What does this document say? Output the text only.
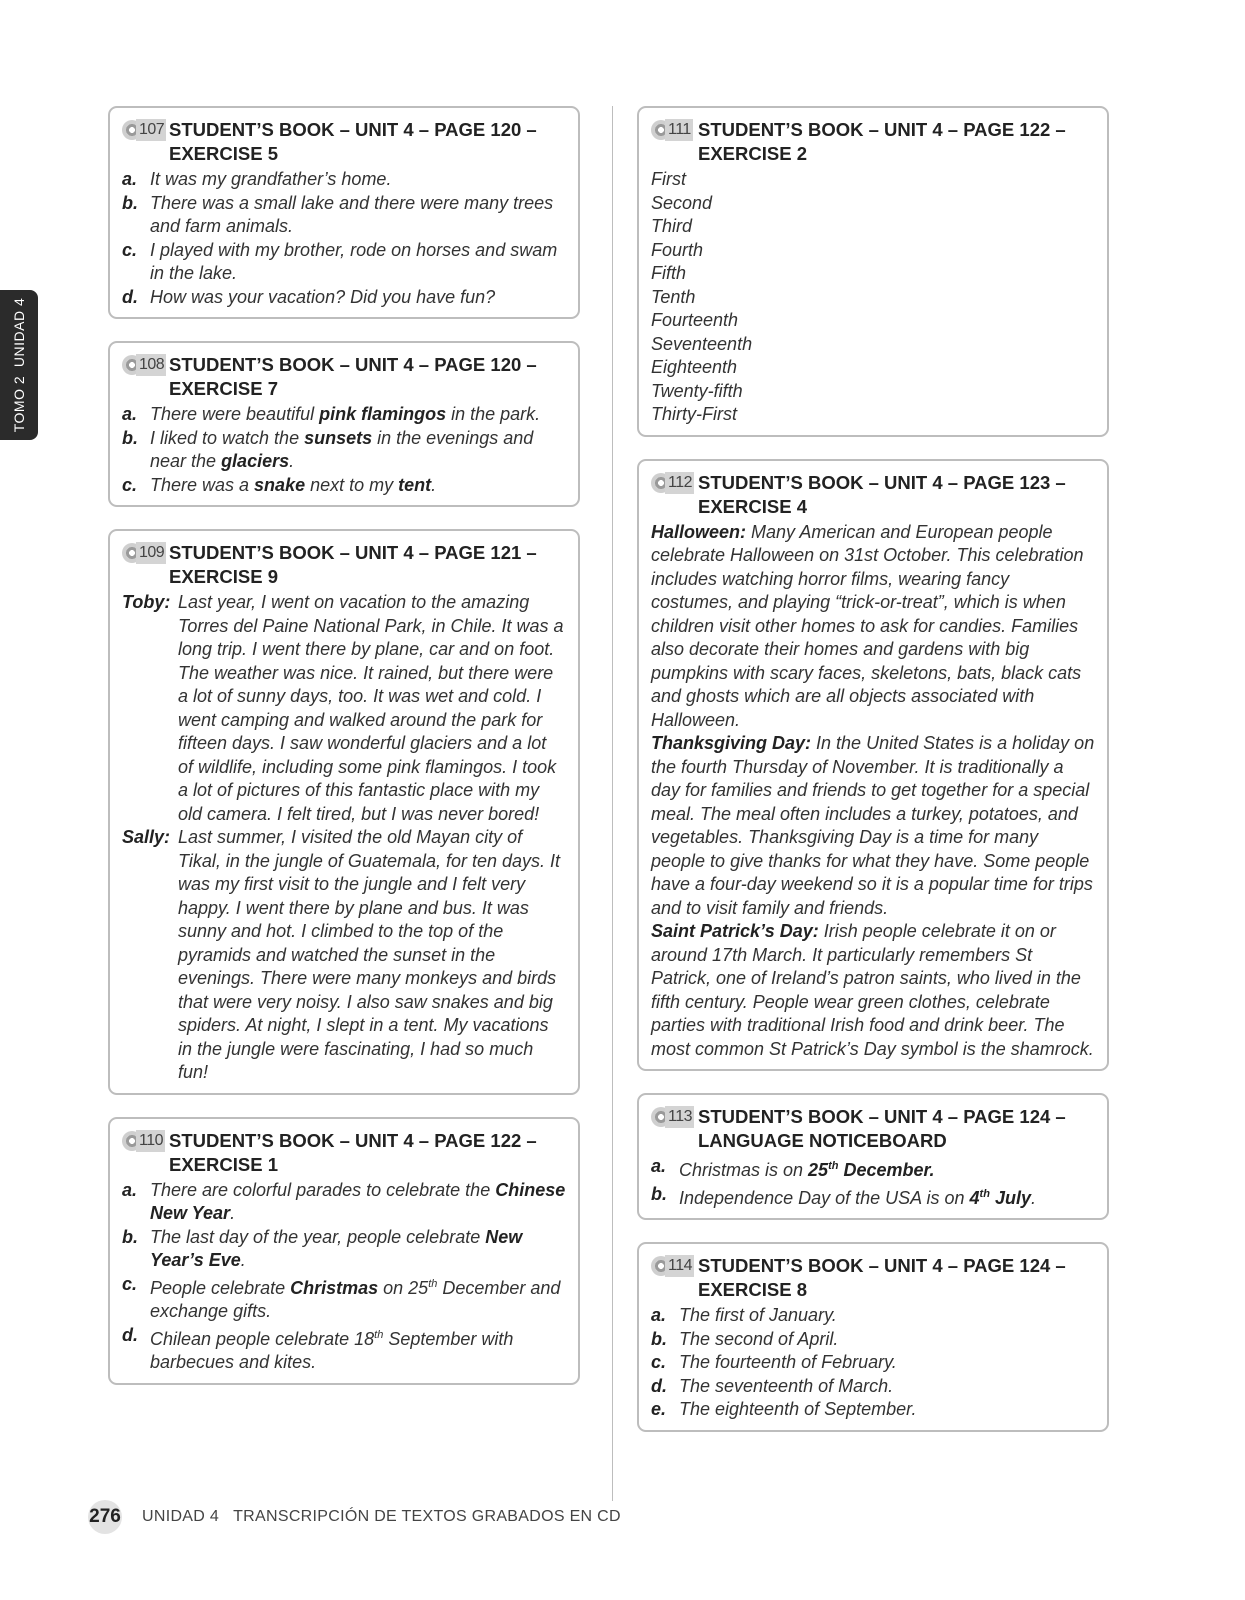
TOMO 2  UNIDAD 4
107 STUDENT’S BOOK – UNIT 4 – PAGE 120 – EXERCISE 5
a. It was my grandfather’s home.
b. There was a small lake and there were many trees and farm animals.
c. I played with my brother, rode on horses and swam in the lake.
d. How was your vacation? Did you have fun?
108 STUDENT’S BOOK – UNIT 4 – PAGE 120 – EXERCISE 7
a. There were beautiful pink flamingos in the park.
b. I liked to watch the sunsets in the evenings and near the glaciers.
c. There was a snake next to my tent.
109 STUDENT’S BOOK – UNIT 4 – PAGE 121 – EXERCISE 9
Toby: Last year, I went on vacation to the amazing Torres del Paine National Park, in Chile. It was a long trip. I went there by plane, car and on foot. The weather was nice. It rained, but there were a lot of sunny days, too. It was wet and cold. I went camping and walked around the park for fifteen days. I saw wonderful glaciers and a lot of wildlife, including some pink flamingos. I took a lot of pictures of this fantastic place with my old camera. I felt tired, but I was never bored!
Sally: Last summer, I visited the old Mayan city of Tikal, in the jungle of Guatemala, for ten days. It was my first visit to the jungle and I felt very happy. I went there by plane and bus. It was sunny and hot. I climbed to the top of the pyramids and watched the sunset in the evenings. There were many monkeys and birds that were very noisy. I also saw snakes and big spiders. At night, I slept in a tent. My vacations in the jungle were fascinating, I had so much fun!
110 STUDENT’S BOOK – UNIT 4 – PAGE 122 – EXERCISE 1
a. There are colorful parades to celebrate the Chinese New Year.
b. The last day of the year, people celebrate New Year’s Eve.
c. People celebrate Christmas on 25th December and exchange gifts.
d. Chilean people celebrate 18th September with barbecues and kites.
111 STUDENT’S BOOK – UNIT 4 – PAGE 122 – EXERCISE 2
First
Second
Third
Fourth
Fifth
Tenth
Fourteenth
Seventeenth
Eighteenth
Twenty-fifth
Thirty-First
112 STUDENT’S BOOK – UNIT 4 – PAGE 123 – EXERCISE 4
Halloween: Many American and European people celebrate Halloween on 31st October. This celebration includes watching horror films, wearing fancy costumes, and playing “trick-or-treat”, which is when children visit other homes to ask for candies. Families also decorate their homes and gardens with big pumpkins with scary faces, skeletons, bats, black cats and ghosts which are all objects associated with Halloween.
Thanksgiving Day: In the United States is a holiday on the fourth Thursday of November. It is traditionally a day for families and friends to get together for a special meal. The meal often includes a turkey, potatoes, and vegetables. Thanksgiving Day is a time for many people to give thanks for what they have. Some people have a four-day weekend so it is a popular time for trips and to visit family and friends.
Saint Patrick’s Day: Irish people celebrate it on or around 17th March. It particularly remembers St Patrick, one of Ireland’s patron saints, who lived in the fifth century. People wear green clothes, celebrate parties with traditional Irish food and drink beer. The most common St Patrick’s Day symbol is the shamrock.
113 STUDENT’S BOOK – UNIT 4 – PAGE 124 – LANGUAGE NOTICEBOARD
a. Christmas is on 25th December.
b. Independence Day of the USA is on 4th July.
114 STUDENT’S BOOK – UNIT 4 – PAGE 124 – EXERCISE 8
a. The first of January.
b. The second of April.
c. The fourteenth of February.
d. The seventeenth of March.
e. The eighteenth of September.
276 UNIDAD 4 TRANSCRIPCIÓN DE TEXTOS GRABADOS EN CD
